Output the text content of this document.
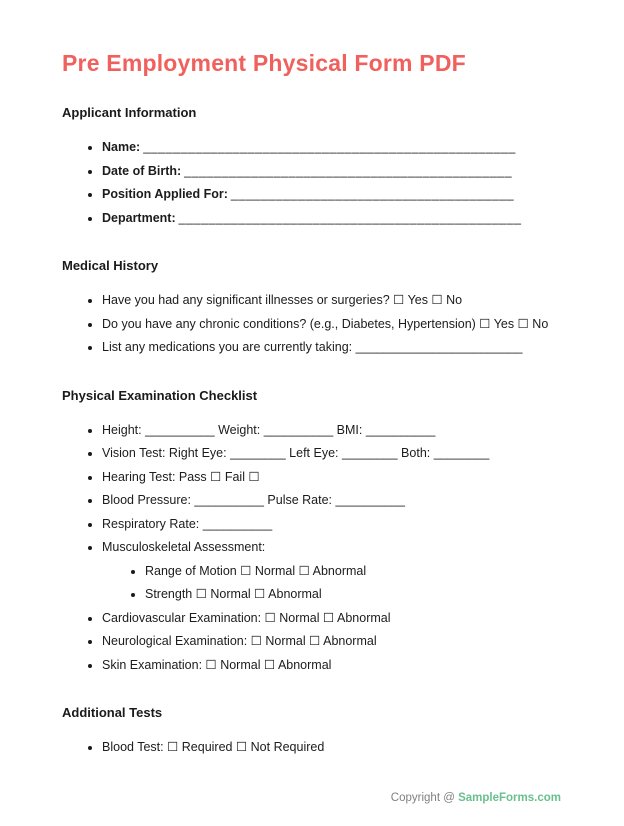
Pre Employment Physical Form PDF
Applicant Information
• Name: __________________________________________________
• Date of Birth: ____________________________________________
• Position Applied For: ______________________________________
• Department: ______________________________________________
Medical History
• Have you had any significant illnesses or surgeries? ☐ Yes ☐ No
• Do you have any chronic conditions? (e.g., Diabetes, Hypertension) ☐ Yes ☐ No
• List any medications you are currently taking: ________________________
Physical Examination Checklist
• Height: __________ Weight: __________ BMI: __________
• Vision Test: Right Eye: ________ Left Eye: ________ Both: ________
• Hearing Test: Pass ☐ Fail ☐
• Blood Pressure: __________ Pulse Rate: __________
• Respiratory Rate: __________
• Musculoskeletal Assessment:
• Range of Motion ☐ Normal ☐ Abnormal
• Strength ☐ Normal ☐ Abnormal
• Cardiovascular Examination: ☐ Normal ☐ Abnormal
• Neurological Examination: ☐ Normal ☐ Abnormal
• Skin Examination: ☐ Normal ☐ Abnormal
Additional Tests
• Blood Test: ☐ Required ☐ Not Required
Copyright @ SampleForms.com
